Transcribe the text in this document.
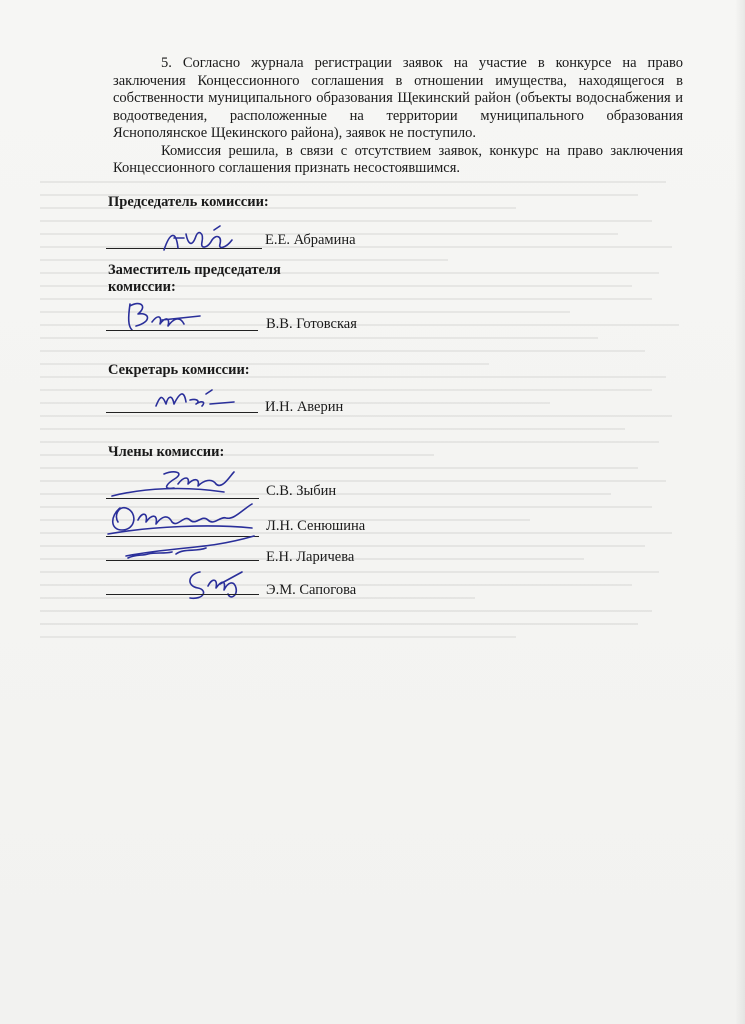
5. Согласно журнала регистрации заявок на участие в конкурсе на право заключения Концессионного соглашения в отношении имущества, находящегося в собственности муниципального образования Щекинский район (объекты водоснабжения и водоотведения, расположенные на территории муниципального образования Яснополянское Щекинского района), заявок не поступило.

Комиссия решила, в связи с отсутствием заявок, конкурс на право заключения Концессионного соглашения признать несостоявшимся.

Председатель комиссии:
Е.Е. Абрамина
Заместитель председателя
комиссии:
В.В. Готовская
Секретарь комиссии:
И.Н. Аверин
Члены комиссии:
С.В. Зыбин
Л.Н. Сенюшина
Е.Н. Ларичева
Э.М. Сапогова
